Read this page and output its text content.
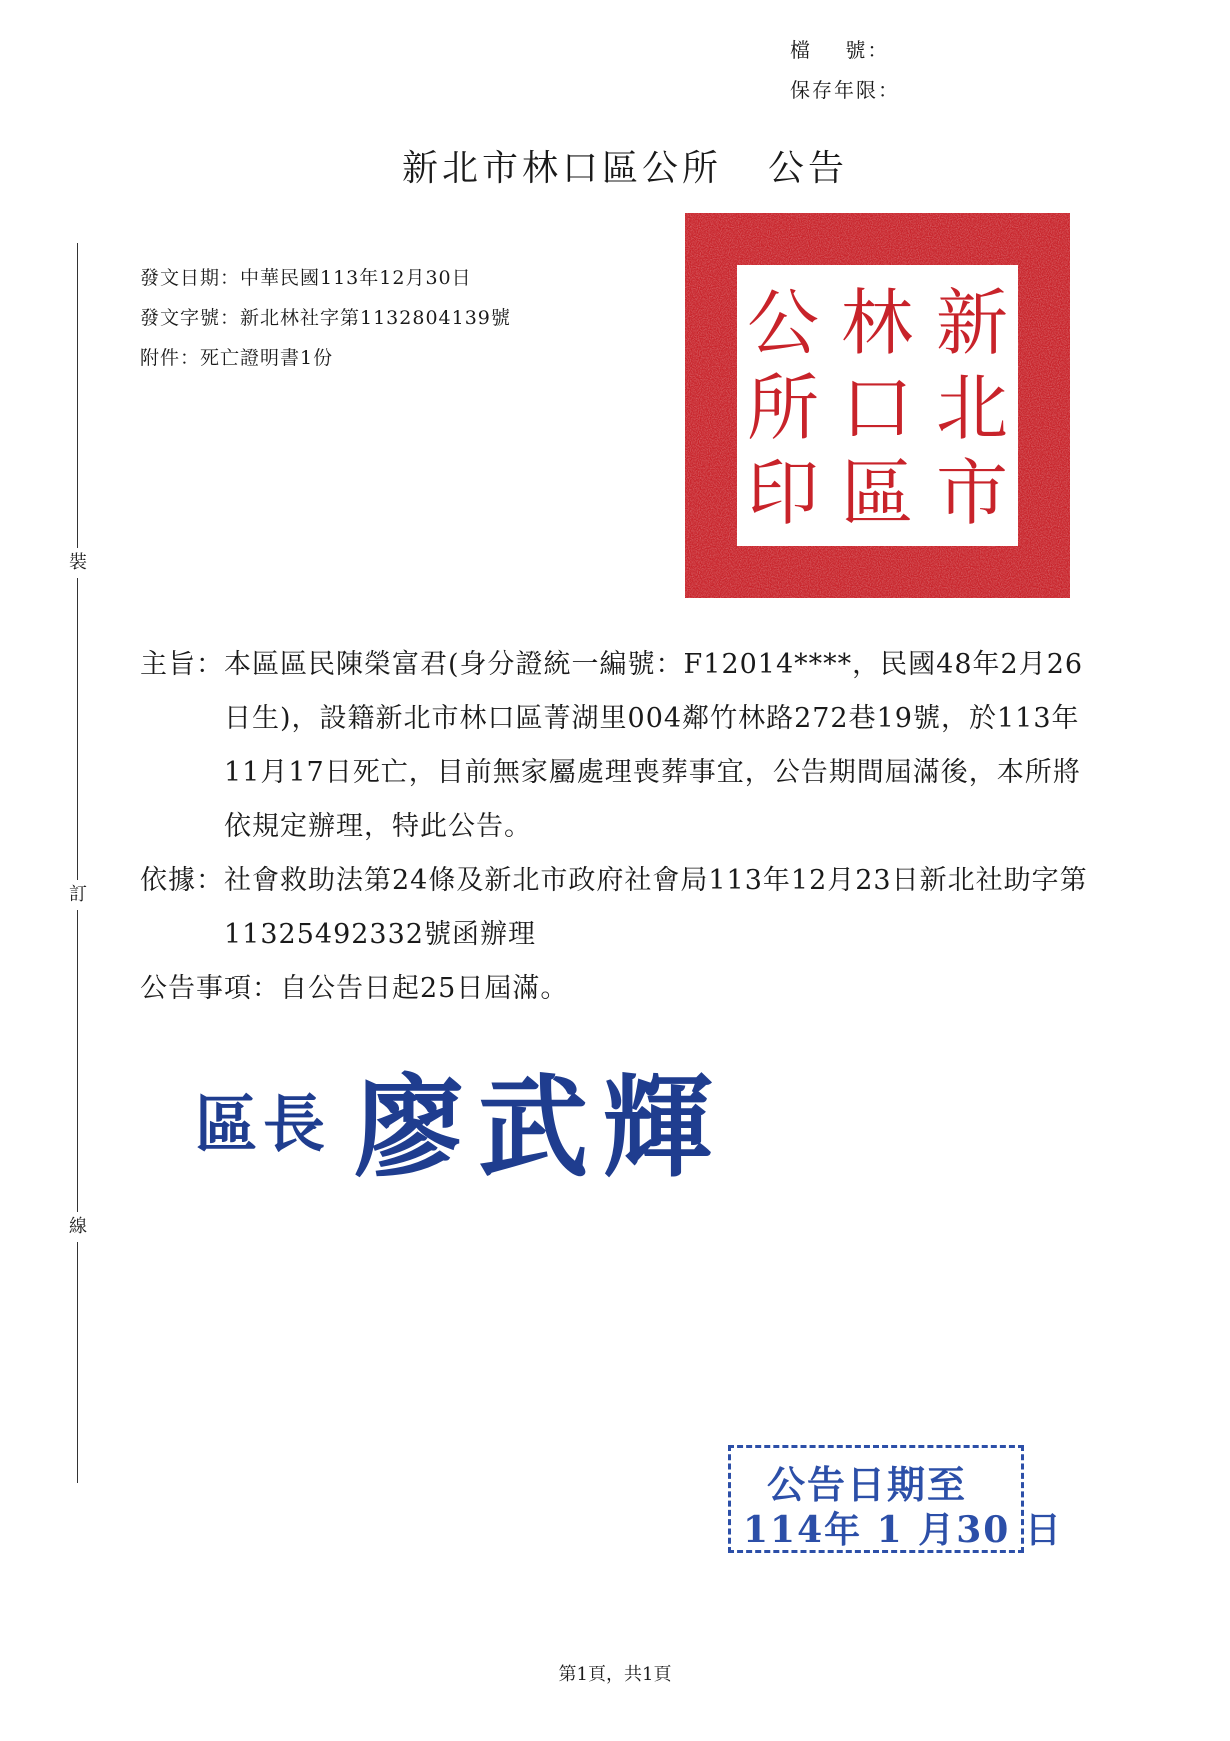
檔    號：
保存年限：
新北市林口區公所 公告
裝
訂
線
發文日期：中華民國113年12月30日
發文字號：新北林社字第1132804139號
附件：死亡證明書1份	新
北
市
林
口
區
公
所
印
主旨： 本區區民陳榮富君(身分證統一編號：F12014****，民國48年2月26日生)，設籍新北市林口區菁湖里004鄰竹林路272巷19號，於113年11月17日死亡，目前無家屬處理喪葬事宜，公告期間屆滿後，本所將依規定辦理，特此公告。
依據： 社會救助法第24條及新北市政府社會局113年12月23日新北社助字第11325492332號函辦理
公告事項： 自公告日起25日屆滿。
區長 廖武輝
公告日期至
114年 1 月30 日
第1頁，共1頁
